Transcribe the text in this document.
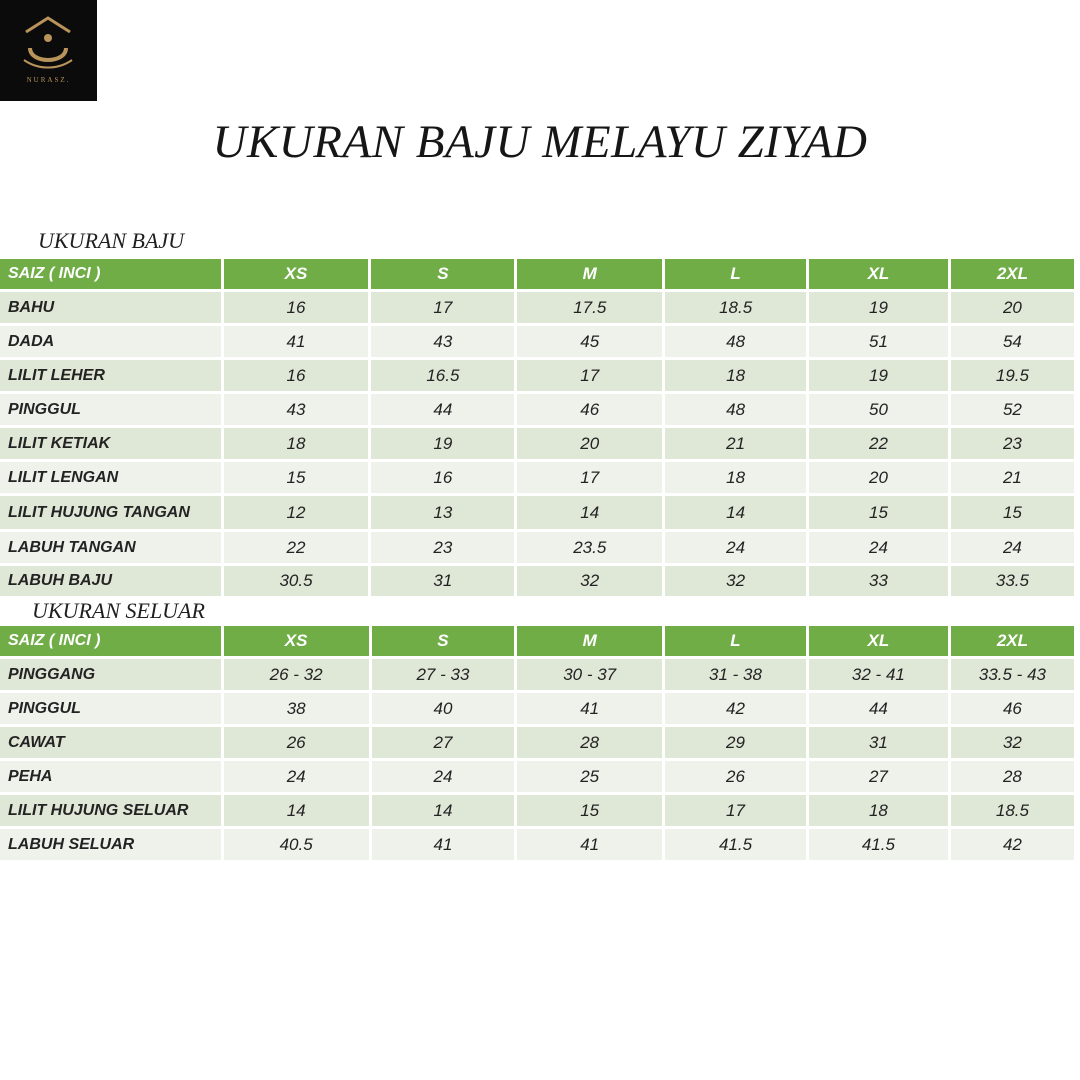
NURASZ.
UKURAN BAJU MELAYU ZIYAD
UKURAN BAJU
SAIZ ( INCI )	XS	S	M	L	XL	2XL
BAHU	16	17	17.5	18.5	19	20
DADA	41	43	45	48	51	54
LILIT LEHER	16	16.5	17	18	19	19.5
PINGGUL	43	44	46	48	50	52
LILIT KETIAK	18	19	20	21	22	23
LILIT LENGAN	15	16	17	18	20	21
LILIT HUJUNG TANGAN	12	13	14	14	15	15
LABUH TANGAN	22	23	23.5	24	24	24
LABUH BAJU	30.5	31	32	32	33	33.5
UKURAN SELUAR
SAIZ ( INCI )	XS	S	M	L	XL	2XL
PINGGANG	26 - 32	27 - 33	30 - 37	31 - 38	32 - 41	33.5 - 43
PINGGUL	38	40	41	42	44	46
CAWAT	26	27	28	29	31	32
PEHA	24	24	25	26	27	28
LILIT HUJUNG SELUAR	14	14	15	17	18	18.5
LABUH SELUAR	40.5	41	41	41.5	41.5	42
